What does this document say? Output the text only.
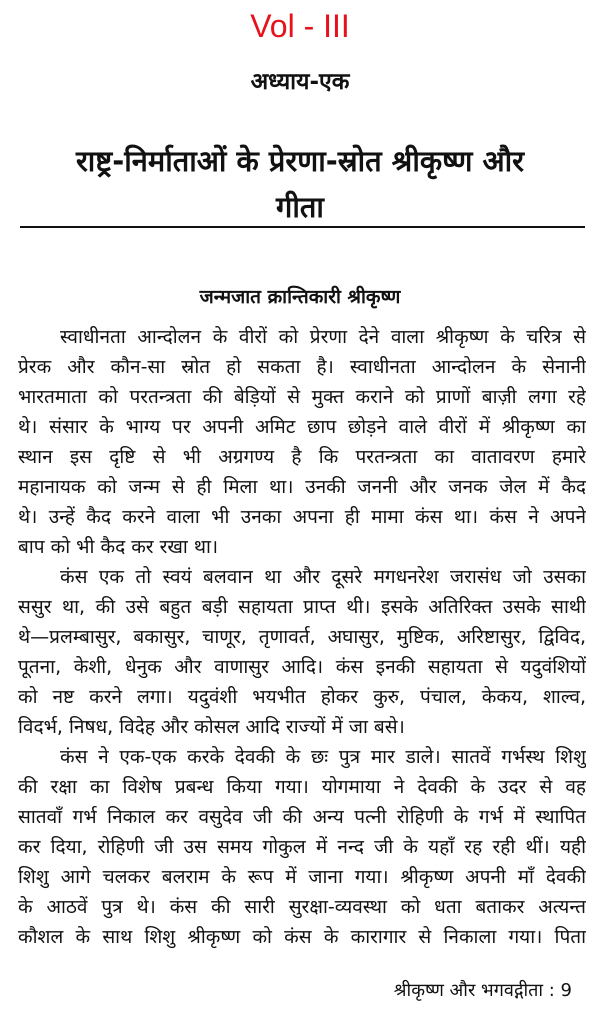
Vol - III
अध्याय-एक
राष्ट्र-निर्माताओं के प्रेरणा-स्रोत श्रीकृष्ण और
गीता
जन्मजात क्रान्तिकारी श्रीकृष्ण
स्वाधीनता आन्दोलन के वीरों को प्रेरणा देने वाला श्रीकृष्ण के चरित्र से
प्रेरक और कौन-सा स्रोत हो सकता है। स्वाधीनता आन्दोलन के सेनानी
भारतमाता को परतन्त्रता की बेड़ियों से मुक्त कराने को प्राणों बाज़ी लगा रहे
थे। संसार के भाग्य पर अपनी अमिट छाप छोड़ने वाले वीरों में श्रीकृष्ण का
स्थान इस दृष्टि से भी अग्रगण्य है कि परतन्त्रता का वातावरण हमारे
महानायक को जन्म से ही मिला था। उनकी जननी और जनक जेल में कैद
थे। उन्हें कैद करने वाला भी उनका अपना ही मामा कंस था। कंस ने अपने
बाप को भी कैद कर रखा था।
कंस एक तो स्वयं बलवान था और दूसरे मगधनरेश जरासंध जो उसका
ससुर था, की उसे बहुत बड़ी सहायता प्राप्त थी। इसके अतिरिक्त उसके साथी
थे—प्रलम्बासुर, बकासुर, चाणूर, तृणावर्त, अघासुर, मुष्टिक, अरिष्टासुर, द्विविद,
पूतना, केशी, धेनुक और वाणासुर आदि। कंस इनकी सहायता से यदुवंशियों
को नष्ट करने लगा। यदुवंशी भयभीत होकर कुरु, पंचाल, केकय, शाल्व,
विदर्भ, निषध, विदेह और कोसल आदि राज्यों में जा बसे।
कंस ने एक-एक करके देवकी के छः पुत्र मार डाले। सातवें गर्भस्थ शिशु
की रक्षा का विशेष प्रबन्ध किया गया। योगमाया ने देवकी के उदर से वह
सातवाँ गर्भ निकाल कर वसुदेव जी की अन्य पत्नी रोहिणी के गर्भ में स्थापित
कर दिया, रोहिणी जी उस समय गोकुल में नन्द जी के यहाँ रह रही थीं। यही
शिशु आगे चलकर बलराम के रूप में जाना गया। श्रीकृष्ण अपनी माँ देवकी
के आठवें पुत्र थे। कंस की सारी सुरक्षा-व्यवस्था को धता बताकर अत्यन्त
कौशल के साथ शिशु श्रीकृष्ण को कंस के कारागार से निकाला गया। पिता
श्रीकृष्ण और भगवद्गीता : 9
